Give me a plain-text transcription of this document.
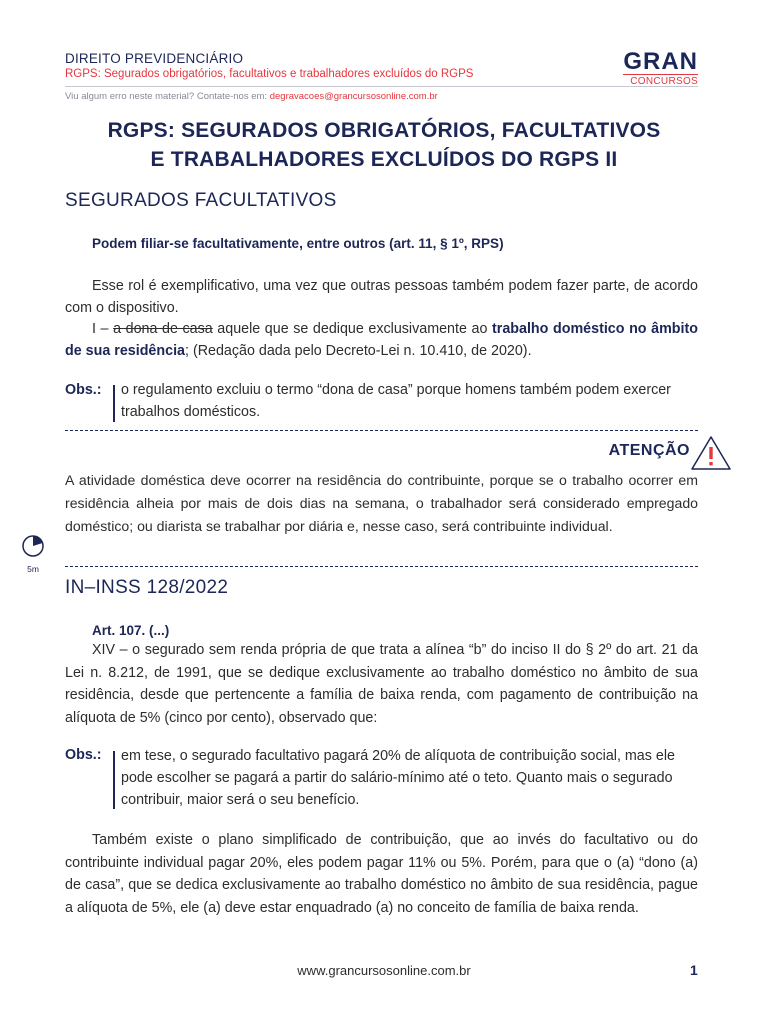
DIREITO PREVIDENCIÁRIO
RGPS: Segurados obrigatórios, facultativos e trabalhadores excluídos do RGPS	GRAN
CONCURSOS
Viu algum erro neste material? Contate-nos em: degravacoes@grancursosonline.com.br
RGPS: SEGURADOS OBRIGATÓRIOS, FACULTATIVOS
E TRABALHADORES EXCLUÍDOS DO RGPS II
SEGURADOS FACULTATIVOS
Podem filiar-se facultativamente, entre outros (art. 11, § 1º, RPS)
Esse rol é exemplificativo, uma vez que outras pessoas também podem fazer parte, de acordo com o dispositivo.
I – a dona de casa aquele que se dedique exclusivamente ao trabalho doméstico no âmbito de sua residência; (Redação dada pelo Decreto-Lei n. 10.410, de 2020).
Obs.: o regulamento excluiu o termo “dona de casa” porque homens também podem exercer trabalhos domésticos.
ATENÇÃO
A atividade doméstica deve ocorrer na residência do contribuinte, porque se o trabalho ocorrer em residência alheia por mais de dois dias na semana, o trabalhador será considerado empregado doméstico; ou diarista se trabalhar por diária e, nesse caso, será contribuinte individual.
5m
IN–INSS 128/2022
Art. 107. (...)
XIV – o segurado sem renda própria de que trata a alínea “b” do inciso II do § 2º do art. 21 da Lei n. 8.212, de 1991, que se dedique exclusivamente ao trabalho doméstico no âmbito de sua residência, desde que pertencente a família de baixa renda, com pagamento de contribuição na alíquota de 5% (cinco por cento), observado que:
Obs.: em tese, o segurado facultativo pagará 20% de alíquota de contribuição social, mas ele pode escolher se pagará a partir do salário-mínimo até o teto. Quanto mais o segurado contribuir, maior será o seu benefício.
Também existe o plano simplificado de contribuição, que ao invés do facultativo ou do contribuinte individual pagar 20%, eles podem pagar 11% ou 5%. Porém, para que o (a) “dono (a) de casa”, que se dedica exclusivamente ao trabalho doméstico no âmbito de sua residência, pague a alíquota de 5%, ele (a) deve estar enquadrado (a) no conceito de família de baixa renda.
www.grancursosonline.com.br	1
